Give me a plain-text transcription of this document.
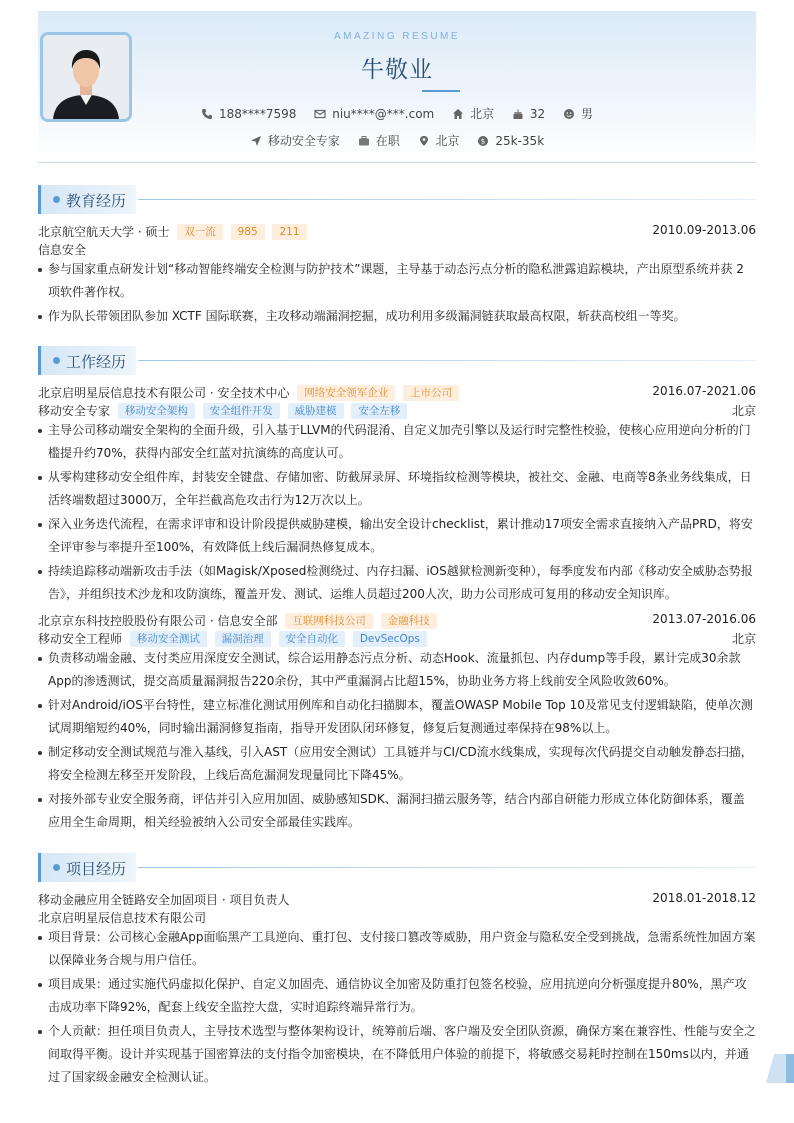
AMAZING RESUME
牛敬业
188****7598	niu****@***.com	北京	32	男
移动安全专家	在职	北京	$ 25k-35k
教育经历
北京航空航天大学 · 硕士 双一流 985 211	2010.09-2013.06
信息安全
参与国家重点研发计划“移动智能终端安全检测与防护技术”课题，主导基于动态污点分析的隐私泄露追踪模块，产出原型系统并获 2 项软件著作权。
作为队长带领团队参加 XCTF 国际联赛，主攻移动端漏洞挖掘，成功利用多级漏洞链获取最高权限，斩获高校组一等奖。
工作经历
北京启明星辰信息技术有限公司 · 安全技术中心 网络安全领军企业 上市公司	2016.07-2021.06
移动安全专家 移动安全架构 安全组件开发 威胁建模 安全左移	北京
主导公司移动端安全架构的全面升级，引入基于LLVM的代码混淆、自定义加壳引擎以及运行时完整性校验，使核心应用逆向分析的门槛提升约70%，获得内部安全红蓝对抗演练的高度认可。
从零构建移动安全组件库，封装安全键盘、存储加密、防截屏录屏、环境指纹检测等模块，被社交、金融、电商等8条业务线集成，日活终端数超过3000万，全年拦截高危攻击行为12万次以上。
深入业务迭代流程，在需求评审和设计阶段提供威胁建模，输出安全设计checklist，累计推动17项安全需求直接纳入产品PRD，将安全评审参与率提升至100%，有效降低上线后漏洞热修复成本。
持续追踪移动端新攻击手法（如Magisk/Xposed检测绕过、内存扫漏、iOS越狱检测新变种），每季度发布内部《移动安全威胁态势报告》，并组织技术沙龙和攻防演练，覆盖开发、测试、运维人员超过200人次，助力公司形成可复用的移动安全知识库。
北京京东科技控股股份有限公司 · 信息安全部 互联网科技公司 金融科技	2013.07-2016.06
移动安全工程师 移动安全测试 漏洞治理 安全自动化 DevSecOps	北京
负责移动端金融、支付类应用深度安全测试，综合运用静态污点分析、动态Hook、流量抓包、内存dump等手段，累计完成30余款App的渗透测试，提交高质量漏洞报告220余份，其中严重漏洞占比超15%，协助业务方将上线前安全风险收敛60%。
针对Android/iOS平台特性，建立标准化测试用例库和自动化扫描脚本，覆盖OWASP Mobile Top 10及常见支付逻辑缺陷，使单次测试周期缩短约40%，同时输出漏洞修复指南，指导开发团队闭环修复，修复后复测通过率保持在98%以上。
制定移动安全测试规范与准入基线，引入AST（应用安全测试）工具链并与CI/CD流水线集成，实现每次代码提交自动触发静态扫描，将安全检测左移至开发阶段，上线后高危漏洞发现量同比下降45%。
对接外部专业安全服务商，评估并引入应用加固、威胁感知SDK、漏洞扫描云服务等，结合内部自研能力形成立体化防御体系，覆盖应用全生命周期，相关经验被纳入公司安全部最佳实践库。
项目经历
移动金融应用全链路安全加固项目 · 项目负责人	2018.01-2018.12
北京启明星辰信息技术有限公司
项目背景：公司核心金融App面临黑产工具逆向、重打包、支付接口篡改等威胁，用户资金与隐私安全受到挑战，急需系统性加固方案以保障业务合规与用户信任。
项目成果：通过实施代码虚拟化保护、自定义加固壳、通信协议全加密及防重打包签名校验，应用抗逆向分析强度提升80%，黑产攻击成功率下降92%，配套上线安全监控大盘，实时追踪终端异常行为。
个人贡献：担任项目负责人，主导技术选型与整体架构设计，统筹前后端、客户端及安全团队资源，确保方案在兼容性、性能与安全之间取得平衡。设计并实现基于国密算法的支付指令加密模块，在不降低用户体验的前提下，将敏感交易耗时控制在150ms以内，并通过了国家级金融安全检测认证。
